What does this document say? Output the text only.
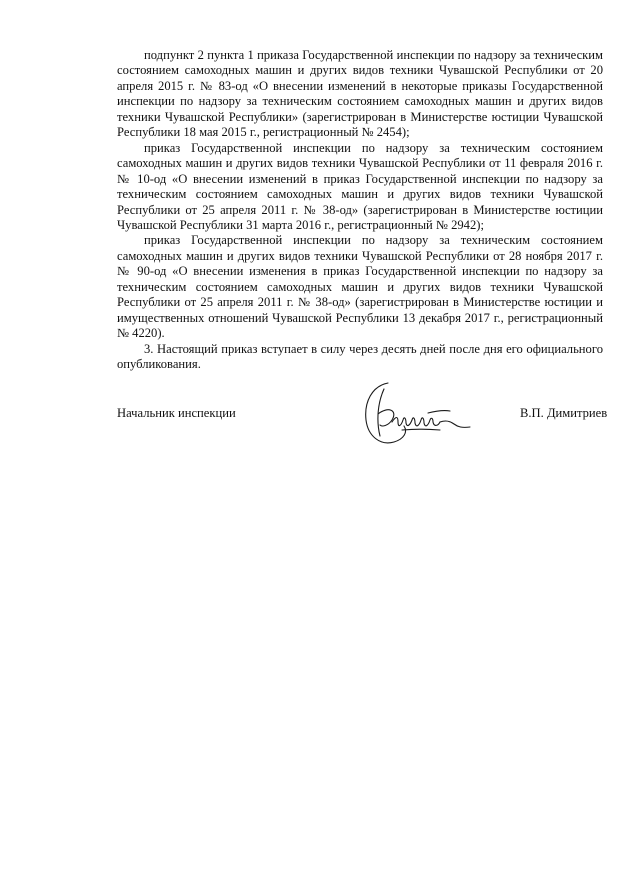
подпункт 2 пункта 1 приказа Государственной инспекции по надзору за техническим состоянием самоходных машин и других видов техники Чувашской Республики от 20 апреля 2015 г. № 83-од «О внесении изменений в некоторые приказы Государственной инспекции по надзору за техническим состоянием самоходных машин и других видов техники Чувашской Республики» (зарегистрирован в Министерстве юстиции Чувашской Республики 18 мая 2015 г., регистрационный № 2454);

приказ Государственной инспекции по надзору за техническим состоянием самоходных машин и других видов техники Чувашской Республики от 11 февраля 2016 г. № 10-од «О внесении изменений в приказ Государственной инспекции по надзору за техническим состоянием самоходных машин и других видов техники Чувашской Республики от 25 апреля 2011 г. № 38-од» (зарегистрирован в Министерстве юстиции Чувашской Республики 31 марта 2016 г., регистрационный № 2942);

приказ Государственной инспекции по надзору за техническим состоянием самоходных машин и других видов техники Чувашской Республики от 28 ноября 2017 г. № 90-од «О внесении изменения в приказ Государственной инспекции по надзору за техническим состоянием самоходных машин и других видов техники Чувашской Республики от 25 апреля 2011 г. № 38-од» (зарегистрирован в Министерстве юстиции и имущественных отношений Чувашской Республики 13 декабря 2017 г., регистрационный № 4220).

3. Настоящий приказ вступает в силу через десять дней после дня его официального опубликования.

Начальник инспекции	В.П. Димитриев
